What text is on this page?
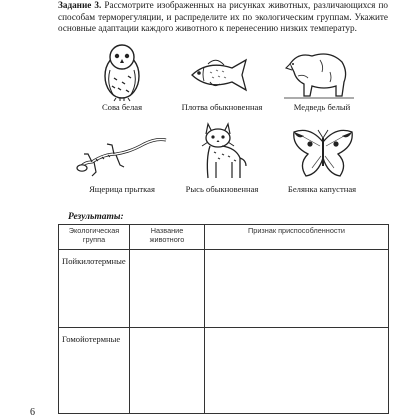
Задание 3. Рассмотрите изображенных на рисунках животных, различающихся по способам терморегуляции, и распределите их по экологическим группам. Укажите основные адаптации каждого животного к перенесению низких температур.
Сова белая	Плотва обыкновенная	Медведь белый
Ящерица прыткая	Рысь обыкновенная	Белянка капустная
Результаты:
Экологическая группа	Название животного	Признак приспособленности
Пойкилотермные		
Гомойотермные		
6
